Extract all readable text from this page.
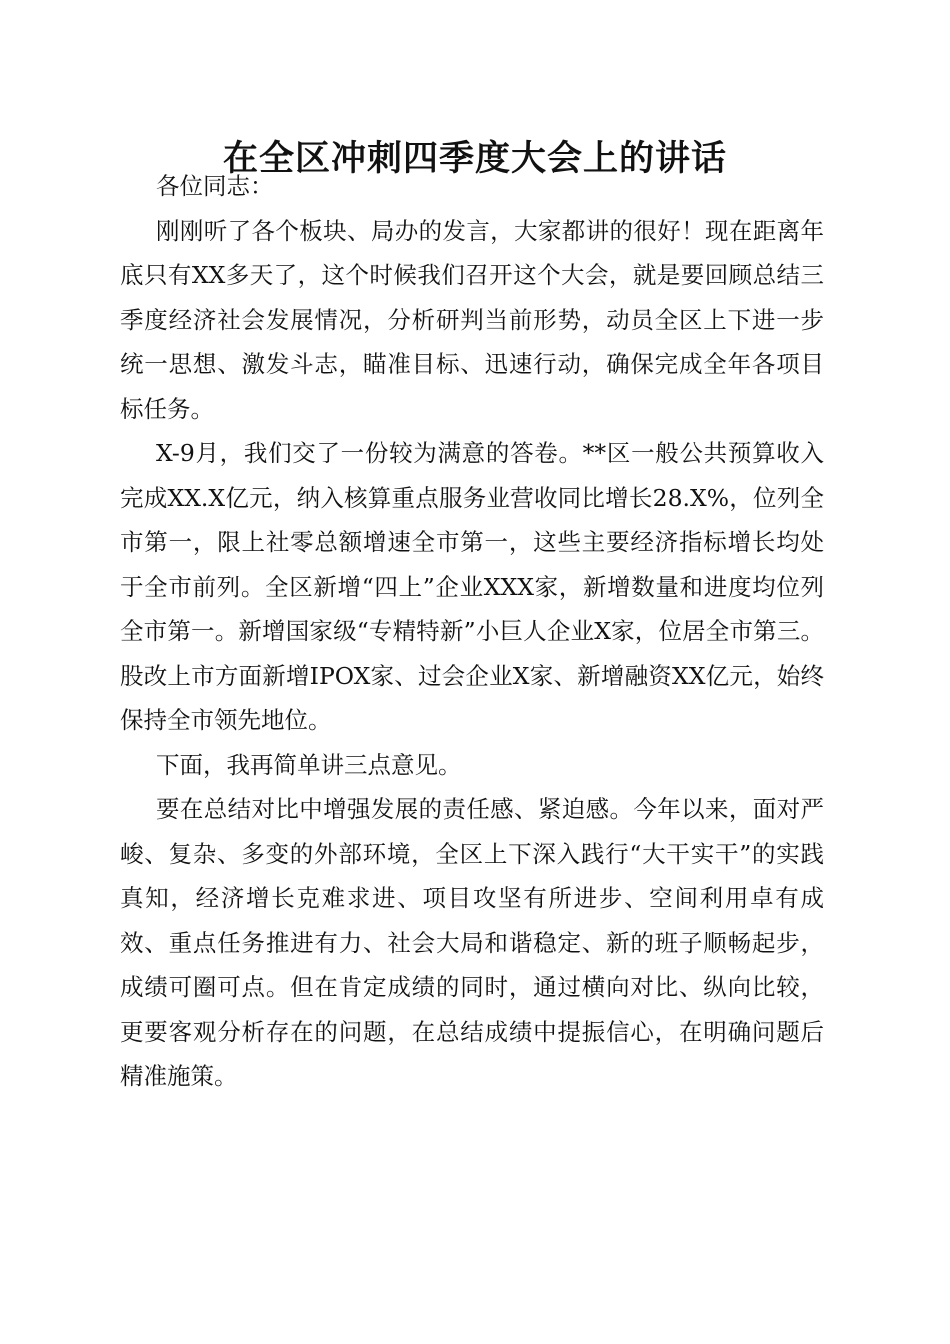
在全区冲刺四季度大会上的讲话

各位同志：

刚刚听了各个板块、局办的发言，大家都讲的很好！现在距离年底只有XX多天了，这个时候我们召开这个大会，就是要回顾总结三季度经济社会发展情况，分析研判当前形势，动员全区上下进一步统一思想、激发斗志，瞄准目标、迅速行动，确保完成全年各项目标任务。

X-9月，我们交了一份较为满意的答卷。**区一般公共预算收入完成XX.X亿元，纳入核算重点服务业营收同比增长28.X%，位列全市第一，限上社零总额增速全市第一，这些主要经济指标增长均处于全市前列。全区新增“四上”企业XXX家，新增数量和进度均位列全市第一。新增国家级“专精特新”小巨人企业X家，位居全市第三。股改上市方面新增IPOX家、过会企业X家、新增融资XX亿元，始终保持全市领先地位。

下面，我再简单讲三点意见。

要在总结对比中增强发展的责任感、紧迫感。今年以来，面对严峻、复杂、多变的外部环境，全区上下深入践行“大干实干”的实践真知，经济增长克难求进、项目攻坚有所进步、空间利用卓有成效、重点任务推进有力、社会大局和谐稳定、新的班子顺畅起步，成绩可圈可点。但在肯定成绩的同时，通过横向对比、纵向比较，更要客观分析存在的问题，在总结成绩中提振信心，在明确问题后精准施策。
